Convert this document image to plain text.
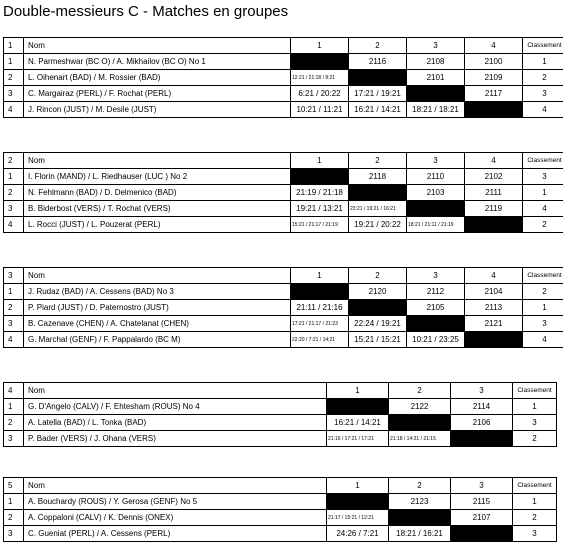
Double-messieurs C - Matches en groupes
1	Nom	1	2	3	4	Classement
1	N. Parmeshwar (BC O) / A. Mikhailov (BC O) No 1		2116	2108	2100	1
2	L. Oihenart (BAD) / M. Rossier (BAD)	12:21 / 21:18 / 8:21		2101	2109	2
3	C. Margairaz (PERL) / F. Rochat (PERL)	6:21 / 20:22	17:21 / 19:21		2117	3
4	J. Rincon (JUST) / M. Desile (JUST)	10:21 / 11:21	16:21 / 14:21	18:21 / 18:21		4
2	Nom	1	2	3	4	Classement
1	I. Florin (MAND) / L. Riedhauser (LUC ) No 2		2118	2110	2102	3
2	N. Fehlmann (BAD) / D. Delmenico (BAD)	21:19 / 21:18		2103	2111	1
3	B. Biderbost (VERS) / T. Rochat (VERS)	19:21 / 13:21	23:21 / 19:21 / 16:21		2119	4
4	L. Rocci (JUST) / L. Pouzerat (PERL)	15:21 / 21:17 / 21:19	19:21 / 20:22	18:21 / 21:11 / 21:19		2
3	Nom	1	2	3	4	Classement
1	J. Rudaz (BAD) / A. Cessens (BAD) No 3		2120	2112	2104	2
2	P. Piard (JUST) / D. Paternostro (JUST)	21:11 / 21:16		2105	2113	1
3	B. Cazenave (CHEN) / A. Chatelanat (CHEN)	17:21 / 21:17 / 21:23	22:24 / 19:21		2121	3
4	G. Marchal (GENF) / F. Pappalardo (BC M)	22:20 / 7:21 / 14:21	15:21 / 15:21	10:21 / 23:25		4
4	Nom	1	2	3	Classement
1	G. D'Angelo (CALV) / F. Ehtesham (ROUS) No 4		2122	2114	1
2	A. Latella (BAD) / L. Tonka (BAD)	16:21 / 14:21		2106	3
3	P. Bader (VERS) / J. Ohana (VERS)	21:16 / 17:21 / 17:21	21:18 / 14:21 / 21:15		2
5	Nom	1	2	3	Classement
1	A. Bouchardy (ROUS) / Y. Gerosa (GENF) No 5		2123	2115	1
2	A. Coppaloni (CALV) / K. Dennis (ONEX)	21:17 / 15:21 / 12:21		2107	2
3	C. Gueniat (PERL) / A. Cessens (PERL)	24:26 / 7:21	18:21 / 16:21		3
